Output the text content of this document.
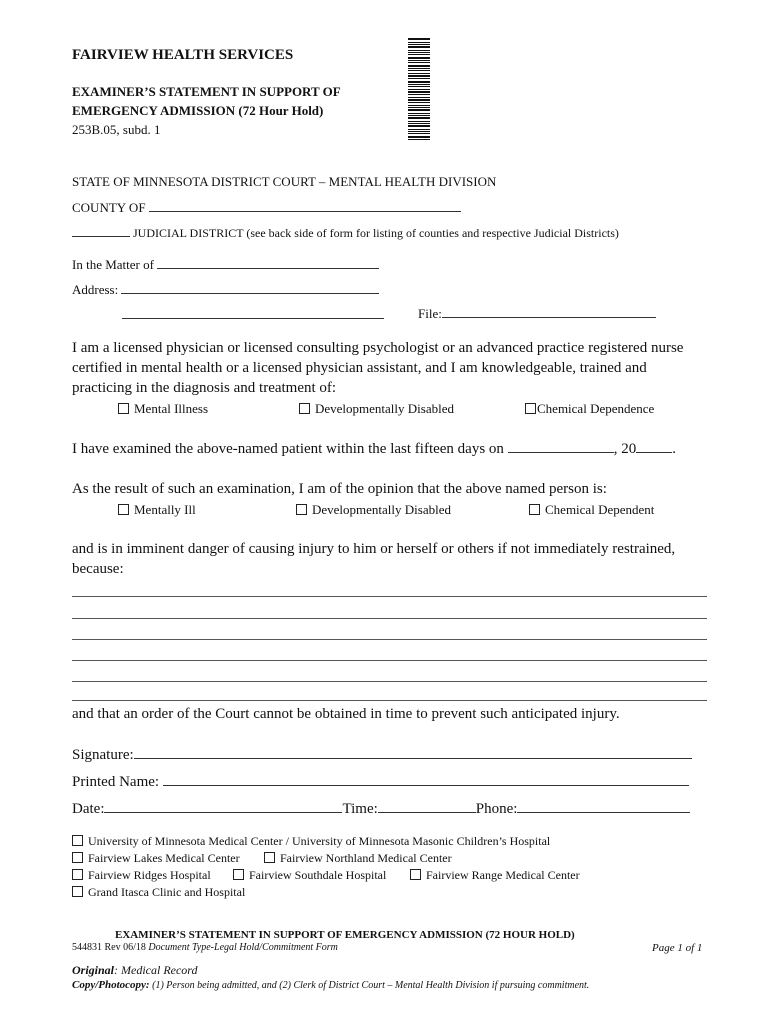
FAIRVIEW HEALTH SERVICES
EXAMINER’S STATEMENT IN SUPPORT OF
EMERGENCY ADMISSION (72 Hour Hold)
253B.05, subd. 1
STATE OF MINNESOTA DISTRICT COURT – MENTAL HEALTH DIVISION
COUNTY OF
JUDICIAL DISTRICT (see back side of form for listing of counties and respective Judicial Districts)
In the Matter of
Address:
File:
I am a licensed physician or licensed consulting psychologist or an advanced practice registered nurse
certified in mental health or a licensed physician assistant, and I am knowledgeable, trained and
practicing in the diagnosis and treatment of:
Mental Illness	Developmentally Disabled	Chemical Dependence
I have examined the above-named patient within the last fifteen days on	, 20 .
As the result of such an examination, I am of the opinion that the above named person is:
Mentally Ill	Developmentally Disabled	Chemical Dependent
and is in imminent danger of causing injury to him or herself or others if not immediately restrained,
because:
and that an order of the Court cannot be obtained in time to prevent such anticipated injury.
Signature:
Printed Name:
Date:	Time:	Phone:
University of Minnesota Medical Center / University of Minnesota Masonic Children’s Hospital
Fairview Lakes Medical Center	Fairview Northland Medical Center
Fairview Ridges Hospital	Fairview Southdale Hospital	Fairview Range Medical Center
Grand Itasca Clinic and Hospital
EXAMINER’S STATEMENT IN SUPPORT OF EMERGENCY ADMISSION (72 HOUR HOLD)
544831 Rev 06/18 Document Type-Legal Hold/Commitment Form	Page 1 of 1
Original: Medical Record
Copy/Photocopy: (1) Person being admitted, and (2) Clerk of District Court – Mental Health Division if pursuing commitment.
